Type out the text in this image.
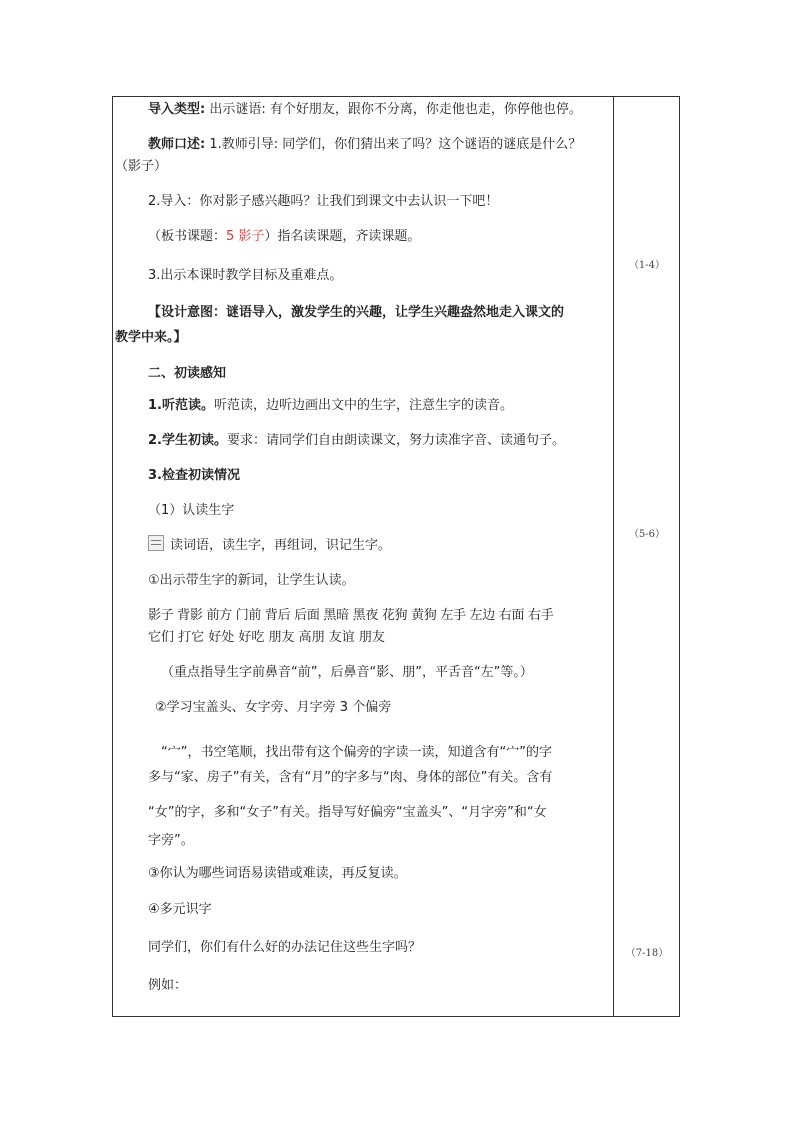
导入类型: 出示谜语: 有个好朋友，跟你不分离，你走他也走，你停他也停。
教师口述: 1.教师引导: 同学们，你们猜出来了吗？这个谜语的谜底是什么？
（影子）
2.导入：你对影子感兴趣吗？让我们到课文中去认识一下吧！
（板书课题：5 影子）指名读课题，齐读课题。
3.出示本课时教学目标及重难点。
【设计意图：谜语导入，激发学生的兴趣，让学生兴趣盎然地走入课文的
教学中来。】
二、初读感知
1.听范读。听范读，边听边画出文中的生字，注意生字的读音。
2.学生初读。要求：请同学们自由朗读课文，努力读准字音、读通句子。
3.检查初读情况
（1）认读生字
读词语，读生字，再组词，识记生字。
①出示带生字的新词，让学生认读。
影子 背影 前方 门前 背后 后面 黑暗 黑夜 花狗 黄狗 左手 左边 右面 右手
它们 打它 好处 好吃 朋友 高朋 友谊 朋友
（重点指导生字前鼻音“前”，后鼻音“影、朋”，平舌音“左”等。）
②学习宝盖头、女字旁、月字旁 3 个偏旁
“宀”，书空笔顺，找出带有这个偏旁的字读一读，知道含有“宀”的字
多与“家、房子”有关，含有“月”的字多与“肉、身体的部位”有关。含有
“女”的字，多和“女子”有关。指导写好偏旁“宝盖头”、“月字旁”和“女
字旁”。
③你认为哪些词语易读错或难读，再反复读。
④多元识字
同学们，你们有什么好的办法记住这些生字吗？
例如：
（1-4）
（5-6）
（7-18）
